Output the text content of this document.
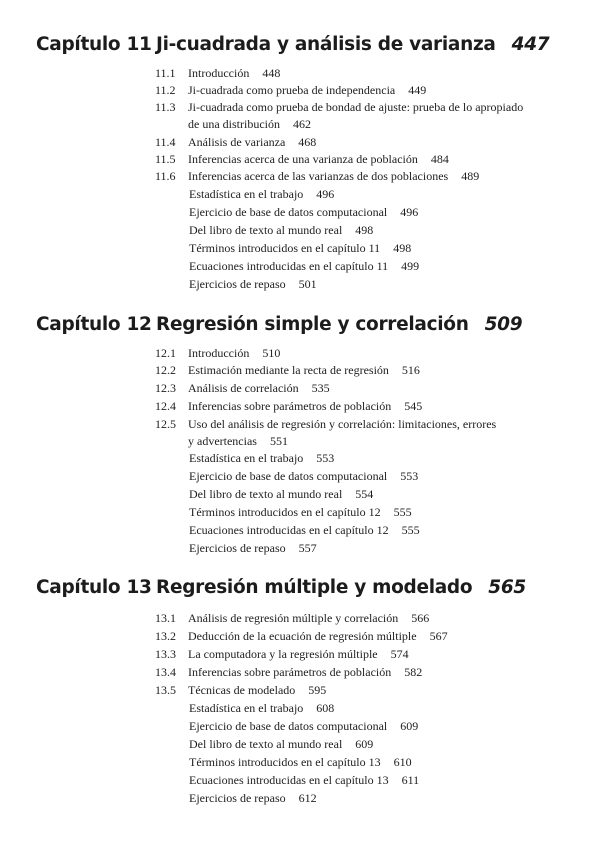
Capítulo 11 Ji-cuadrada y análisis de varianza 447
11.1	Introducción 448
11.2	Ji-cuadrada como prueba de independencia 449
11.3	Ji-cuadrada como prueba de bondad de ajuste: prueba de lo apropiado
de una distribución 462
11.4	Análisis de varianza 468
11.5	Inferencias acerca de una varianza de población 484
11.6	Inferencias acerca de las varianzas de dos poblaciones 489
Estadística en el trabajo 496
Ejercicio de base de datos computacional 496
Del libro de texto al mundo real 498
Términos introducidos en el capítulo 11 498
Ecuaciones introducidas en el capítulo 11 499
Ejercicios de repaso 501
Capítulo 12 Regresión simple y correlación 509
12.1	Introducción 510
12.2	Estimación mediante la recta de regresión 516
12.3	Análisis de correlación 535
12.4	Inferencias sobre parámetros de población 545
12.5	Uso del análisis de regresión y correlación: limitaciones, errores
y advertencias 551
Estadística en el trabajo 553
Ejercicio de base de datos computacional 553
Del libro de texto al mundo real 554
Términos introducidos en el capítulo 12 555
Ecuaciones introducidas en el capítulo 12 555
Ejercicios de repaso 557
Capítulo 13 Regresión múltiple y modelado 565
13.1	Análisis de regresión múltiple y correlación 566
13.2	Deducción de la ecuación de regresión múltiple 567
13.3	La computadora y la regresión múltiple 574
13.4	Inferencias sobre parámetros de población 582
13.5	Técnicas de modelado 595
Estadística en el trabajo 608
Ejercicio de base de datos computacional 609
Del libro de texto al mundo real 609
Términos introducidos en el capítulo 13 610
Ecuaciones introducidas en el capítulo 13 611
Ejercicios de repaso 612
